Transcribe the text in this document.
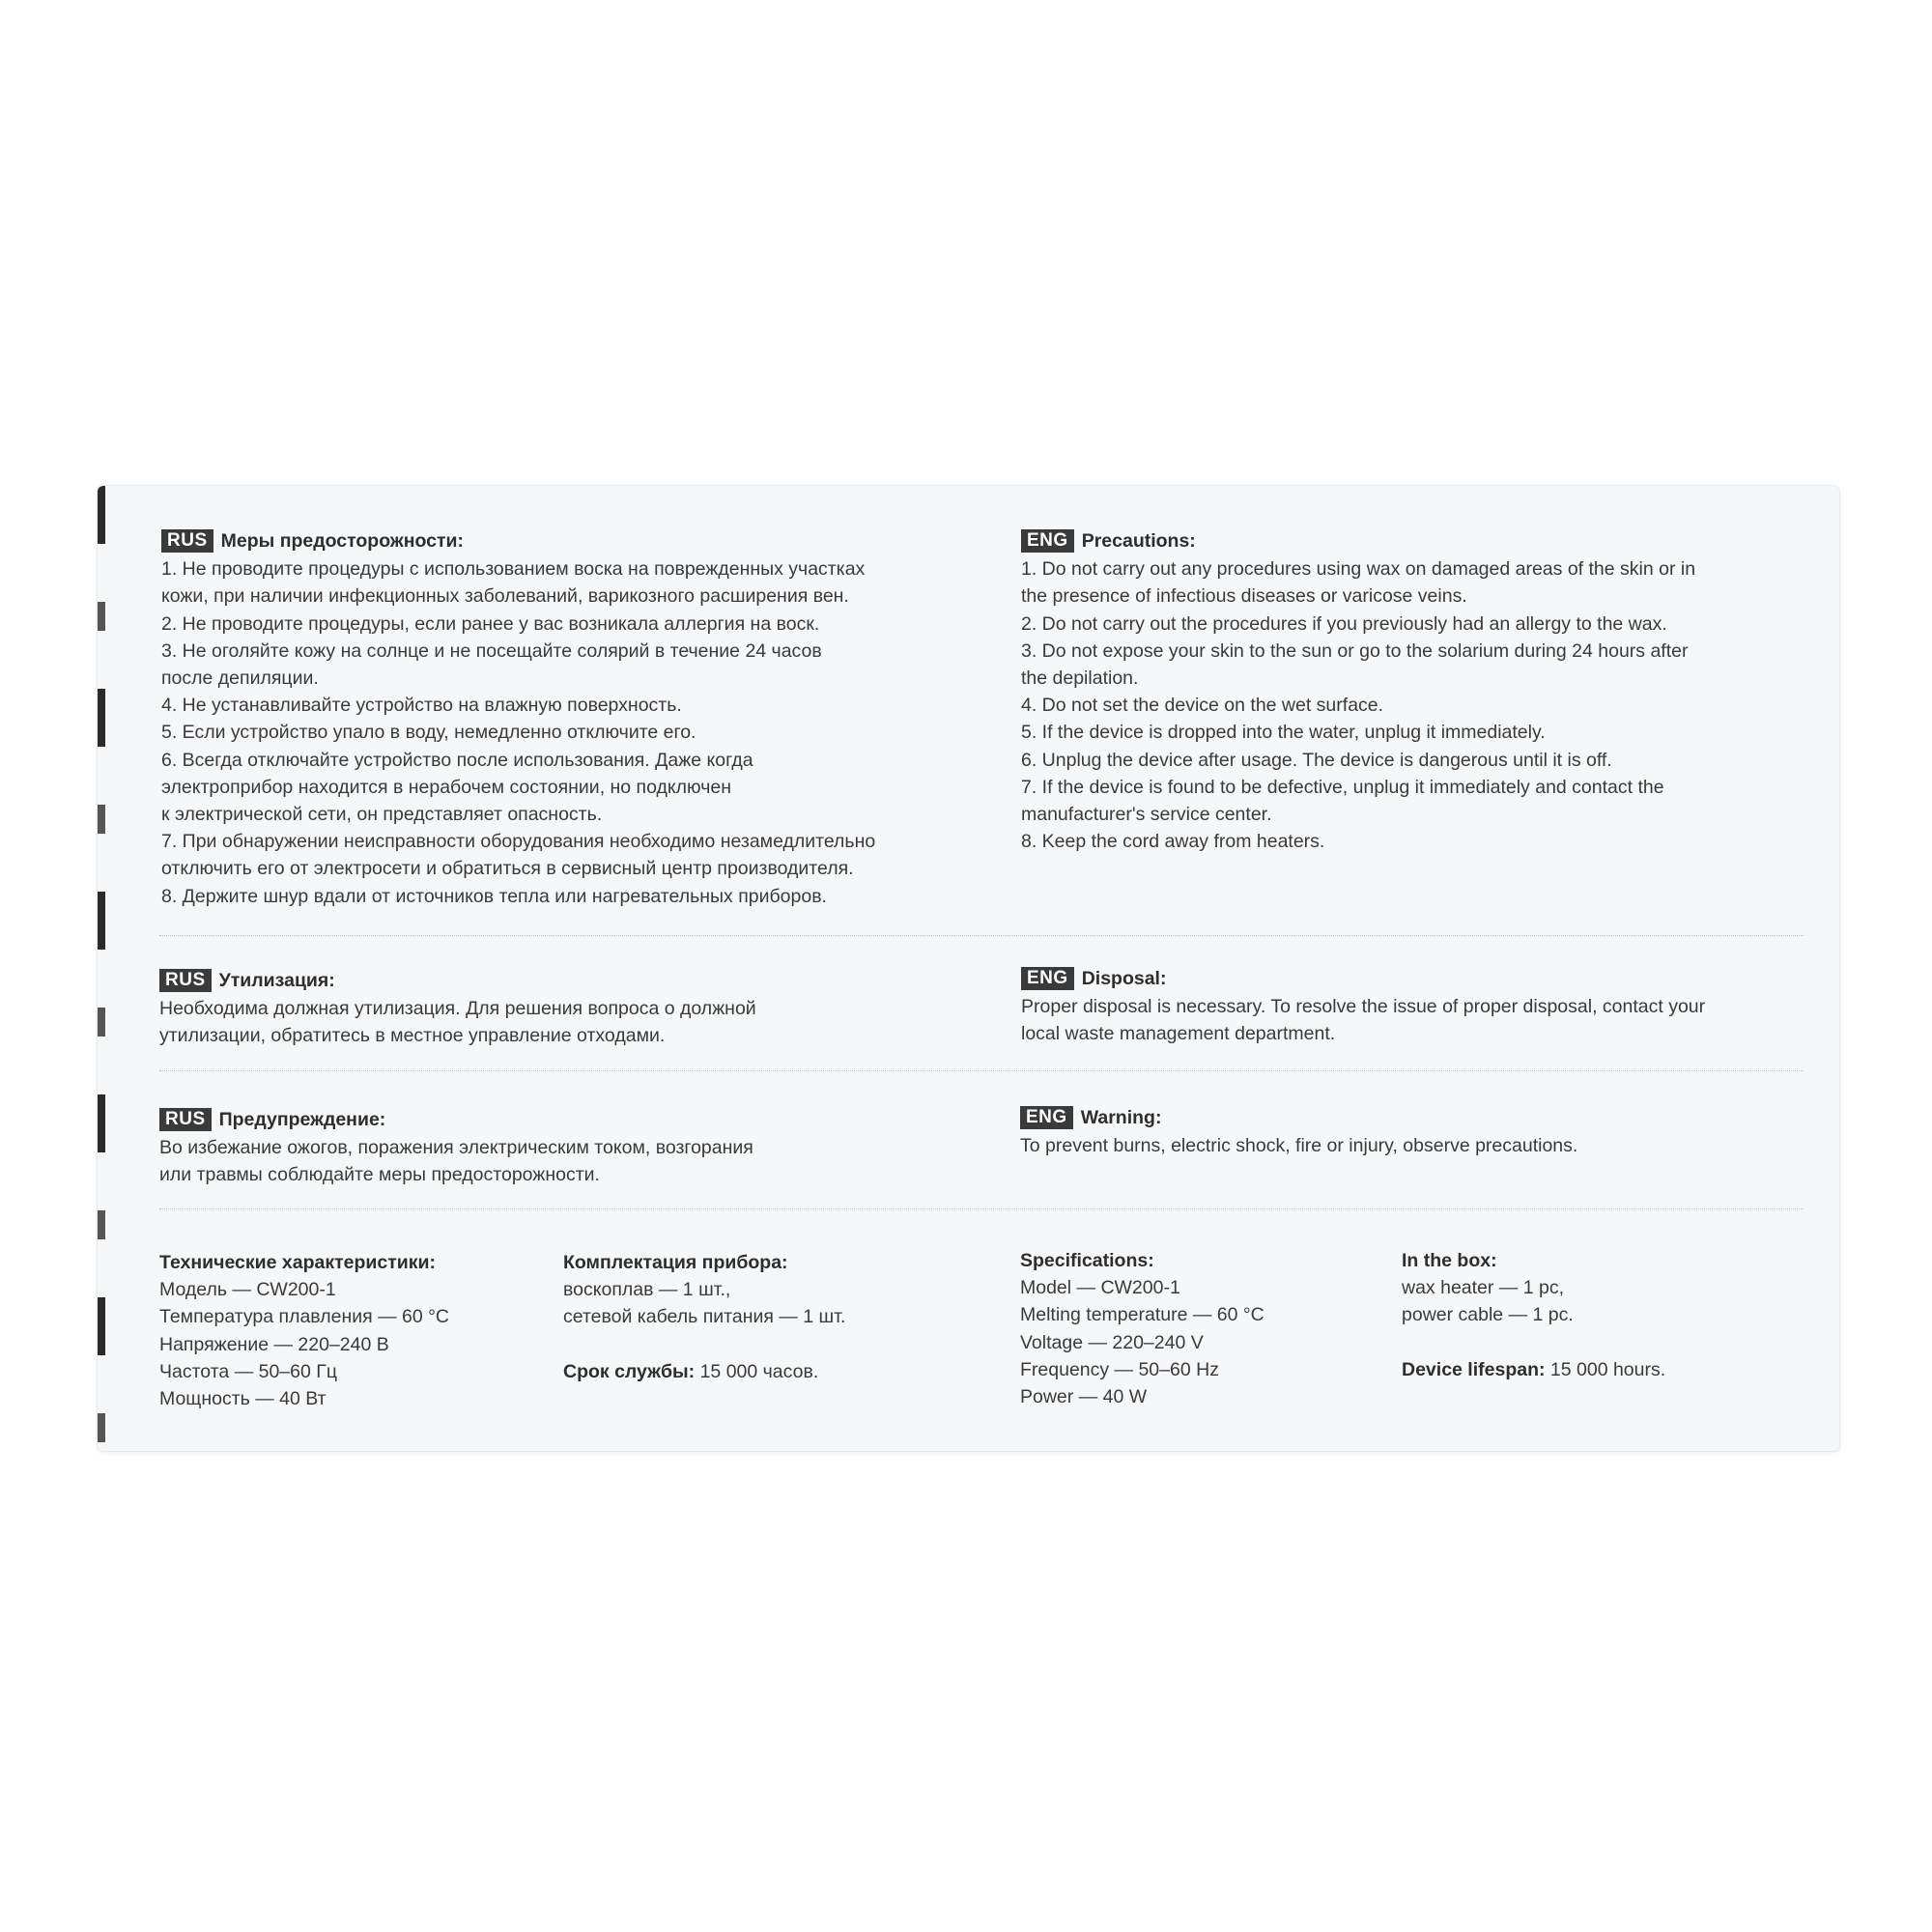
RUS Меры предосторожности:
1. Не проводите процедуры с использованием воска на поврежденных участках
кожи, при наличии инфекционных заболеваний, варикозного расширения вен.
2. Не проводите процедуры, если ранее у вас возникала аллергия на воск.
3. Не оголяйте кожу на солнце и не посещайте солярий в течение 24 часов
после депиляции.
4. Не устанавливайте устройство на влажную поверхность.
5. Если устройство упало в воду, немедленно отключите его.
6. Всегда отключайте устройство после использования. Даже когда
электроприбор находится в нерабочем состоянии, но подключен
к электрической сети, он представляет опасность.
7. При обнаружении неисправности оборудования необходимо незамедлительно
отключить его от электросети и обратиться в сервисный центр производителя.
8. Держите шнур вдали от источников тепла или нагревательных приборов.
ENG Precautions:
1. Do not carry out any procedures using wax on damaged areas of the skin or in
the presence of infectious diseases or varicose veins.
2. Do not carry out the procedures if you previously had an allergy to the wax.
3. Do not expose your skin to the sun or go to the solarium during 24 hours after
the depilation.
4. Do not set the device on the wet surface.
5. If the device is dropped into the water, unplug it immediately.
6. Unplug the device after usage. The device is dangerous until it is off.
7. If the device is found to be defective, unplug it immediately and contact the
manufacturer's service center.
8. Keep the cord away from heaters.
RUS Утилизация:
Необходима должная утилизация. Для решения вопроса о должной
утилизации, обратитесь в местное управление отходами.
ENG Disposal:
Proper disposal is necessary. To resolve the issue of proper disposal, contact your
local waste management department.
RUS Предупреждение:
Во избежание ожогов, поражения электрическим током, возгорания
или травмы соблюдайте меры предосторожности.
ENG Warning:
To prevent burns, electric shock, fire or injury, observe precautions.
Технические характеристики:
Модель — CW200-1
Температура плавления — 60 °C
Напряжение — 220–240 В
Частота — 50–60 Гц
Мощность — 40 Вт
Комплектация прибора:
воскоплав — 1 шт.,
сетевой кабель питания — 1 шт.
Срок службы: 15 000 часов.
Specifications:
Model — CW200-1
Melting temperature — 60 °C
Voltage — 220–240 V
Frequency — 50–60 Hz
Power — 40 W
In the box:
wax heater — 1 pc,
power cable — 1 pc.
Device lifespan: 15 000 hours.
